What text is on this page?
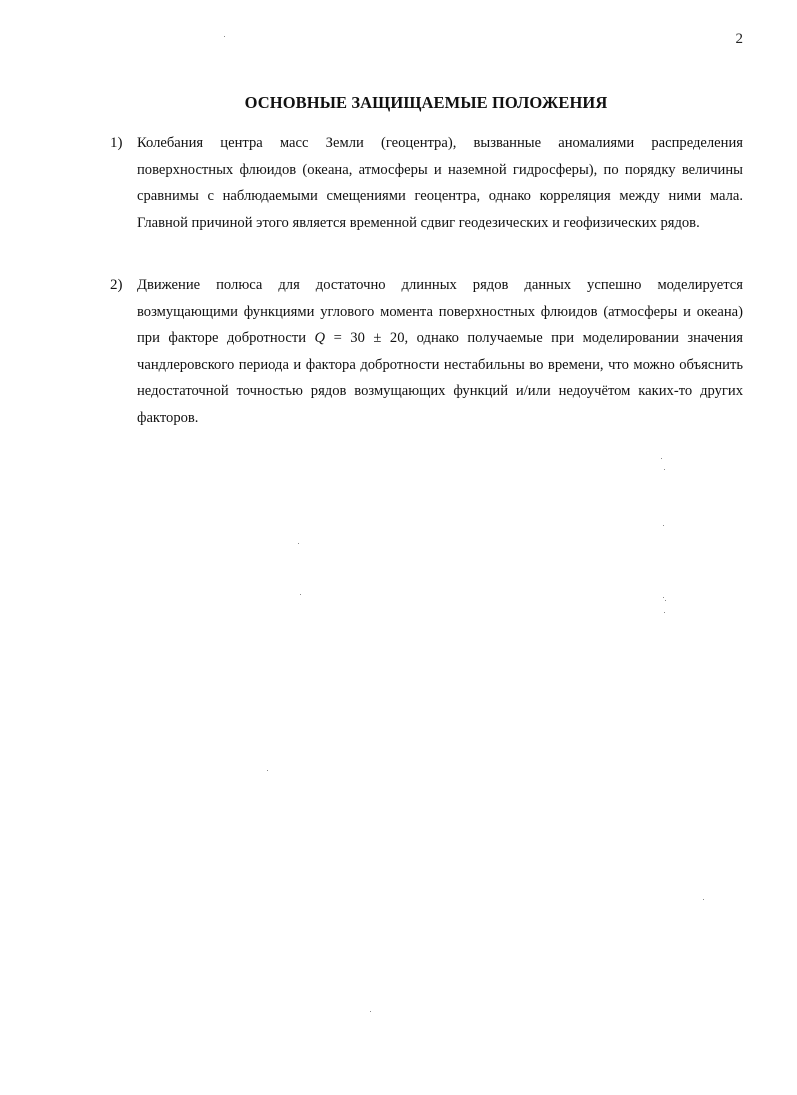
2
ОСНОВНЫЕ ЗАЩИЩАЕМЫЕ ПОЛОЖЕНИЯ
1) Колебания центра масс Земли (геоцентра), вызванные аномалиями распределения поверхностных флюидов (океана, атмосферы и наземной гидросферы), по порядку величины сравнимы с наблюдаемыми смещениями геоцентра, однако корреляция между ними мала. Главной причиной этого является временной сдвиг геодезических и геофизических рядов.
2) Движение полюса для достаточно длинных рядов данных успешно моделируется возмущающими функциями углового момента поверхностных флюидов (атмосферы и океана) при факторе добротности Q = 30 ± 20, однако получаемые при моделировании значения чандлеровского периода и фактора добротности нестабильны во времени, что можно объяснить недостаточной точностью рядов возмущающих функций и/или недоучётом каких-то других факторов.
